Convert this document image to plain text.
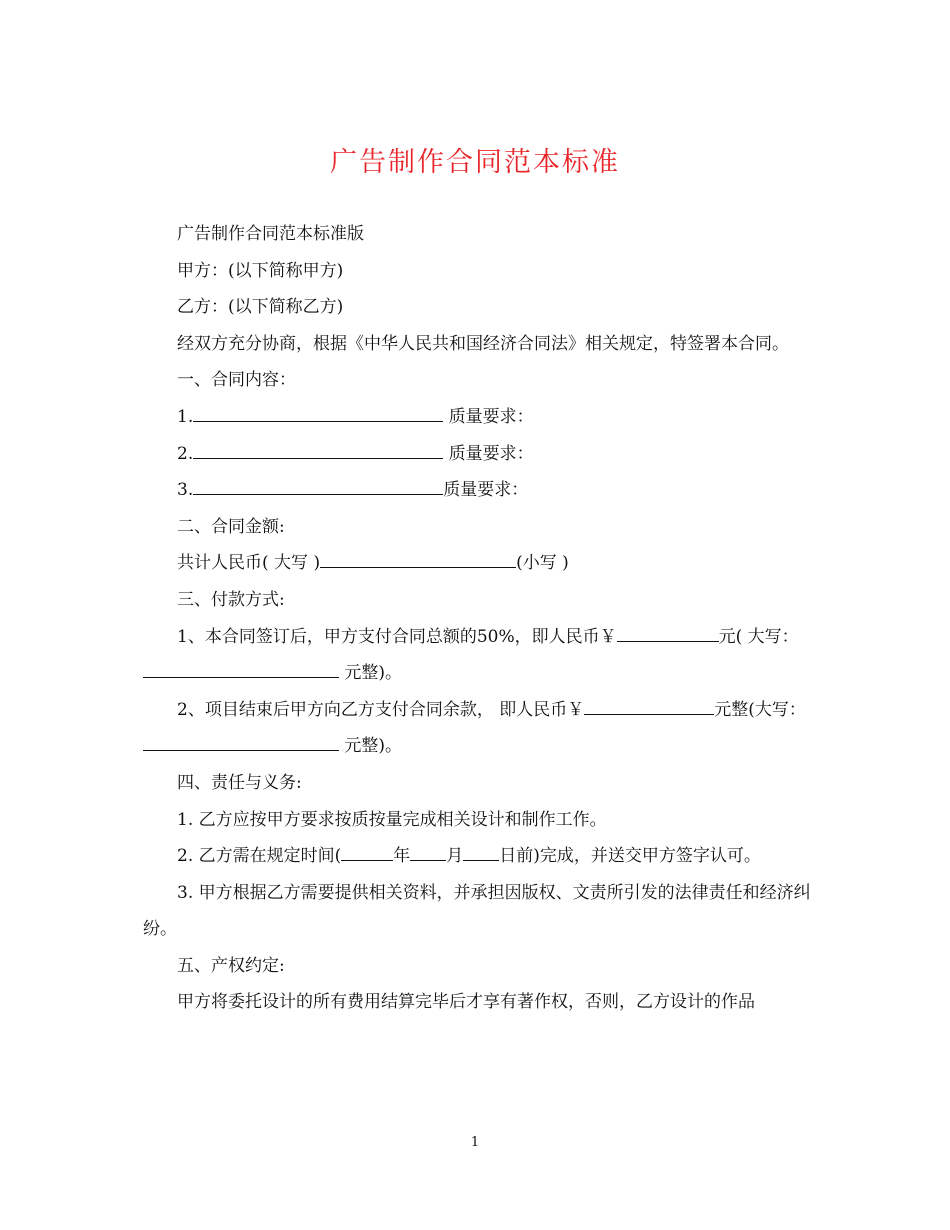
广告制作合同范本标准

广告制作合同范本标准版

甲方：(以下简称甲方)

乙方：(以下简称乙方)

经双方充分协商，根据《中华人民共和国经济合同法》相关规定，特签署本合同。

一、合同内容：

1.	质量要求：

2.	质量要求：

3.	质量要求：

二、合同金额:

共计人民币( 大写 )	(小写 )

三、付款方式:

1、本合同签订后，甲方支付合同总额的50%，即人民币￥	元( 大写： 元整)。

2、项目结束后甲方向乙方支付合同余款， 即人民币￥	元整(大写： 元整)。

四、责任与义务:

1. 乙方应按甲方要求按质按量完成相关设计和制作工作。

2. 乙方需在规定时间(	年 月 日前)完成，并送交甲方签字认可。

3. 甲方根据乙方需要提供相关资料，并承担因版权、文责所引发的法律责任和经济纠纷。

五、产权约定:

甲方将委托设计的所有费用结算完毕后才享有著作权，否则，乙方设计的作品

1
